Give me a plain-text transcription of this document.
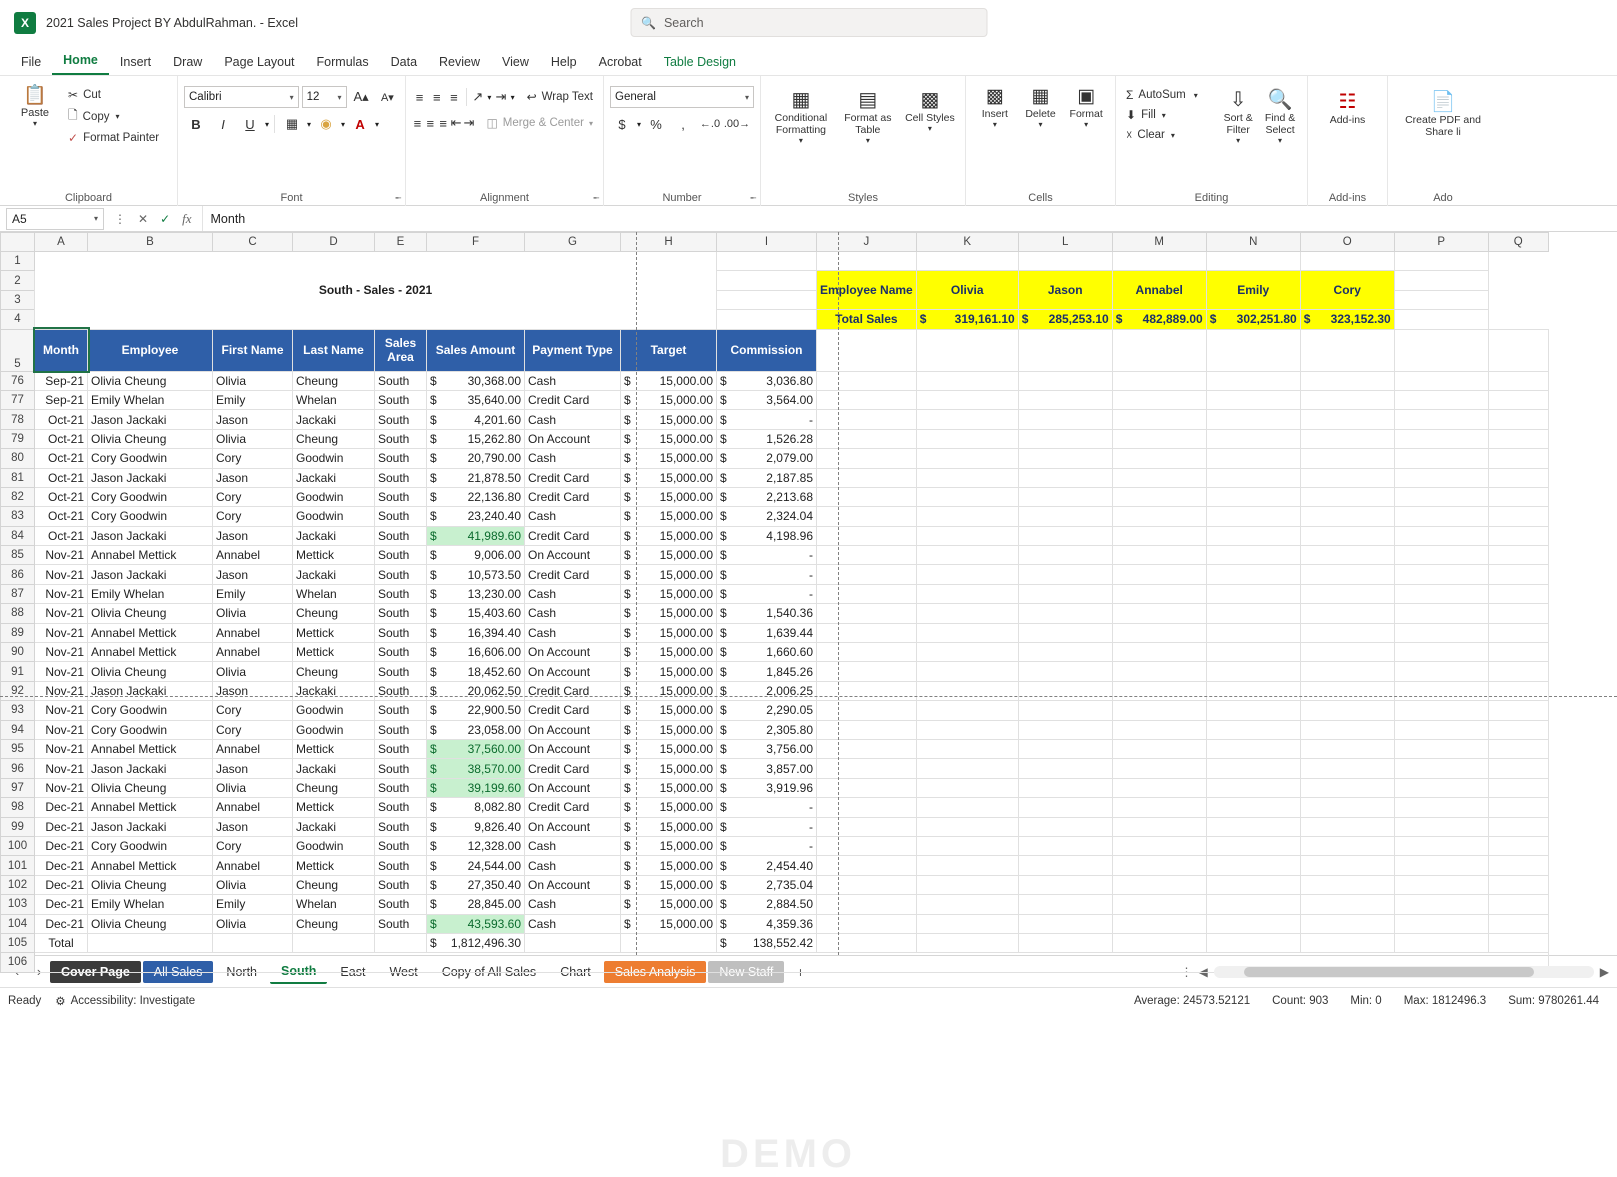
X	2021 Sales Project BY AbdulRahman. - Excel	🔍 Search
File	Home	Insert	Draw	Page Layout	Formulas	Data	Review	View	Help	Acrobat	Table Design
📋
Paste
▾
✂ Cut
🗋 Copy ▾
✓ Format Painter
Clipboard
Calibri	▾ 12	▾ A▴	A▾
B	I	U	▾	▦	▾ ◉	▾ A	▾
Font	╾
≡ ≡ ≡ ↗ ▾ ⇥ ▾ ↩ Wrap Text
≡ ≡ ≡ ⇤ ⇥ ◫ Merge & Center ▾
Alignment	╾
General	▾
$	▾ %	,	←.0 .00→
Number	╾
▦
Conditional Formatting
▾
▤
Format as Table
▾
▩
Cell Styles
▾
Styles
▩
Insert
▾
▦
Delete
▾
▣
Format
▾
Cells
Σ AutoSum ▾
⬇ Fill ▾
☓ Clear ▾
⇩
Sort & Filter
▾
🔍
Find & Select
▾
Editing
☷
Add-ins
Add-ins
📄
Create PDF and Share li
Ado
A5	▾ ⋮ ✕ ✓ fx	Month
DEMO
	A	B	C	D	E	F	G	H	I	J	K	L	M	N	O	P	Q
1	South - Sales - 2021																
2										Employee Name	Olivia	Jason	Annabel	Emily	Cory		
3																	
4										Total Sales	$ 319,161.10	$ 285,253.10	$ 482,889.00	$ 302,251.80	$ 323,152.30		

5	Month	Employee	First Name	Last Name	Sales Area	Sales Amount	Payment Type	Target	Commission								
76	Sep-21	Olivia Cheung	Olivia	Cheung	South	$ 30,368.00	Cash	$ 15,000.00	$ 3,036.80								

77	Sep-21	Emily Whelan	Emily	Whelan	South	$ 35,640.00	Credit Card	$ 15,000.00	$ 3,564.00								

78	Oct-21	Jason Jackaki	Jason	Jackaki	South	$ 4,201.60	Cash	$ 15,000.00	$ -								

79	Oct-21	Olivia Cheung	Olivia	Cheung	South	$ 15,262.80	On Account	$ 15,000.00	$ 1,526.28								

80	Oct-21	Cory Goodwin	Cory	Goodwin	South	$ 20,790.00	Cash	$ 15,000.00	$ 2,079.00								

81	Oct-21	Jason Jackaki	Jason	Jackaki	South	$ 21,878.50	Credit Card	$ 15,000.00	$ 2,187.85								

82	Oct-21	Cory Goodwin	Cory	Goodwin	South	$ 22,136.80	Credit Card	$ 15,000.00	$ 2,213.68								

83	Oct-21	Cory Goodwin	Cory	Goodwin	South	$ 23,240.40	Cash	$ 15,000.00	$ 2,324.04								

84	Oct-21	Jason Jackaki	Jason	Jackaki	South	$ 41,989.60	Credit Card	$ 15,000.00	$ 4,198.96								

85	Nov-21	Annabel Mettick	Annabel	Mettick	South	$ 9,006.00	On Account	$ 15,000.00	$ -								

86	Nov-21	Jason Jackaki	Jason	Jackaki	South	$ 10,573.50	Credit Card	$ 15,000.00	$ -								

87	Nov-21	Emily Whelan	Emily	Whelan	South	$ 13,230.00	Cash	$ 15,000.00	$ -								

88	Nov-21	Olivia Cheung	Olivia	Cheung	South	$ 15,403.60	Cash	$ 15,000.00	$ 1,540.36								

89	Nov-21	Annabel Mettick	Annabel	Mettick	South	$ 16,394.40	Cash	$ 15,000.00	$ 1,639.44								

90	Nov-21	Annabel Mettick	Annabel	Mettick	South	$ 16,606.00	On Account	$ 15,000.00	$ 1,660.60								

91	Nov-21	Olivia Cheung	Olivia	Cheung	South	$ 18,452.60	On Account	$ 15,000.00	$ 1,845.26								

92	Nov-21	Jason Jackaki	Jason	Jackaki	South	$ 20,062.50	Credit Card	$ 15,000.00	$ 2,006.25								

93	Nov-21	Cory Goodwin	Cory	Goodwin	South	$ 22,900.50	Credit Card	$ 15,000.00	$ 2,290.05								

94	Nov-21	Cory Goodwin	Cory	Goodwin	South	$ 23,058.00	On Account	$ 15,000.00	$ 2,305.80								

95	Nov-21	Annabel Mettick	Annabel	Mettick	South	$ 37,560.00	On Account	$ 15,000.00	$ 3,756.00								

96	Nov-21	Jason Jackaki	Jason	Jackaki	South	$ 38,570.00	Credit Card	$ 15,000.00	$ 3,857.00								

97	Nov-21	Olivia Cheung	Olivia	Cheung	South	$ 39,199.60	On Account	$ 15,000.00	$ 3,919.96								

98	Dec-21	Annabel Mettick	Annabel	Mettick	South	$ 8,082.80	Credit Card	$ 15,000.00	$ -								

99	Dec-21	Jason Jackaki	Jason	Jackaki	South	$ 9,826.40	On Account	$ 15,000.00	$ -								

100	Dec-21	Cory Goodwin	Cory	Goodwin	South	$ 12,328.00	Cash	$ 15,000.00	$ -								

101	Dec-21	Annabel Mettick	Annabel	Mettick	South	$ 24,544.00	Cash	$ 15,000.00	$ 2,454.40								

102	Dec-21	Olivia Cheung	Olivia	Cheung	South	$ 27,350.40	On Account	$ 15,000.00	$ 2,735.04								

103	Dec-21	Emily Whelan	Emily	Whelan	South	$ 28,845.00	Cash	$ 15,000.00	$ 2,884.50								

104	Dec-21	Olivia Cheung	Olivia	Cheung	South	$ 43,593.60	Cash	$ 15,000.00	$ 4,359.36								

105	Total					$ 1,812,496.30			$ 138,552.42								

106																	
›	Cover Page	All Sales	North	South	East	West	Copy of All Sales	Chart	Sales Analysis	New Staff	+	⋮ ◀	▶
Ready ⚙ Accessibility: Investigate	Average: 24573.52121 Count: 903 Min: 0 Max: 1812496.3 Sum: 9780261.44
